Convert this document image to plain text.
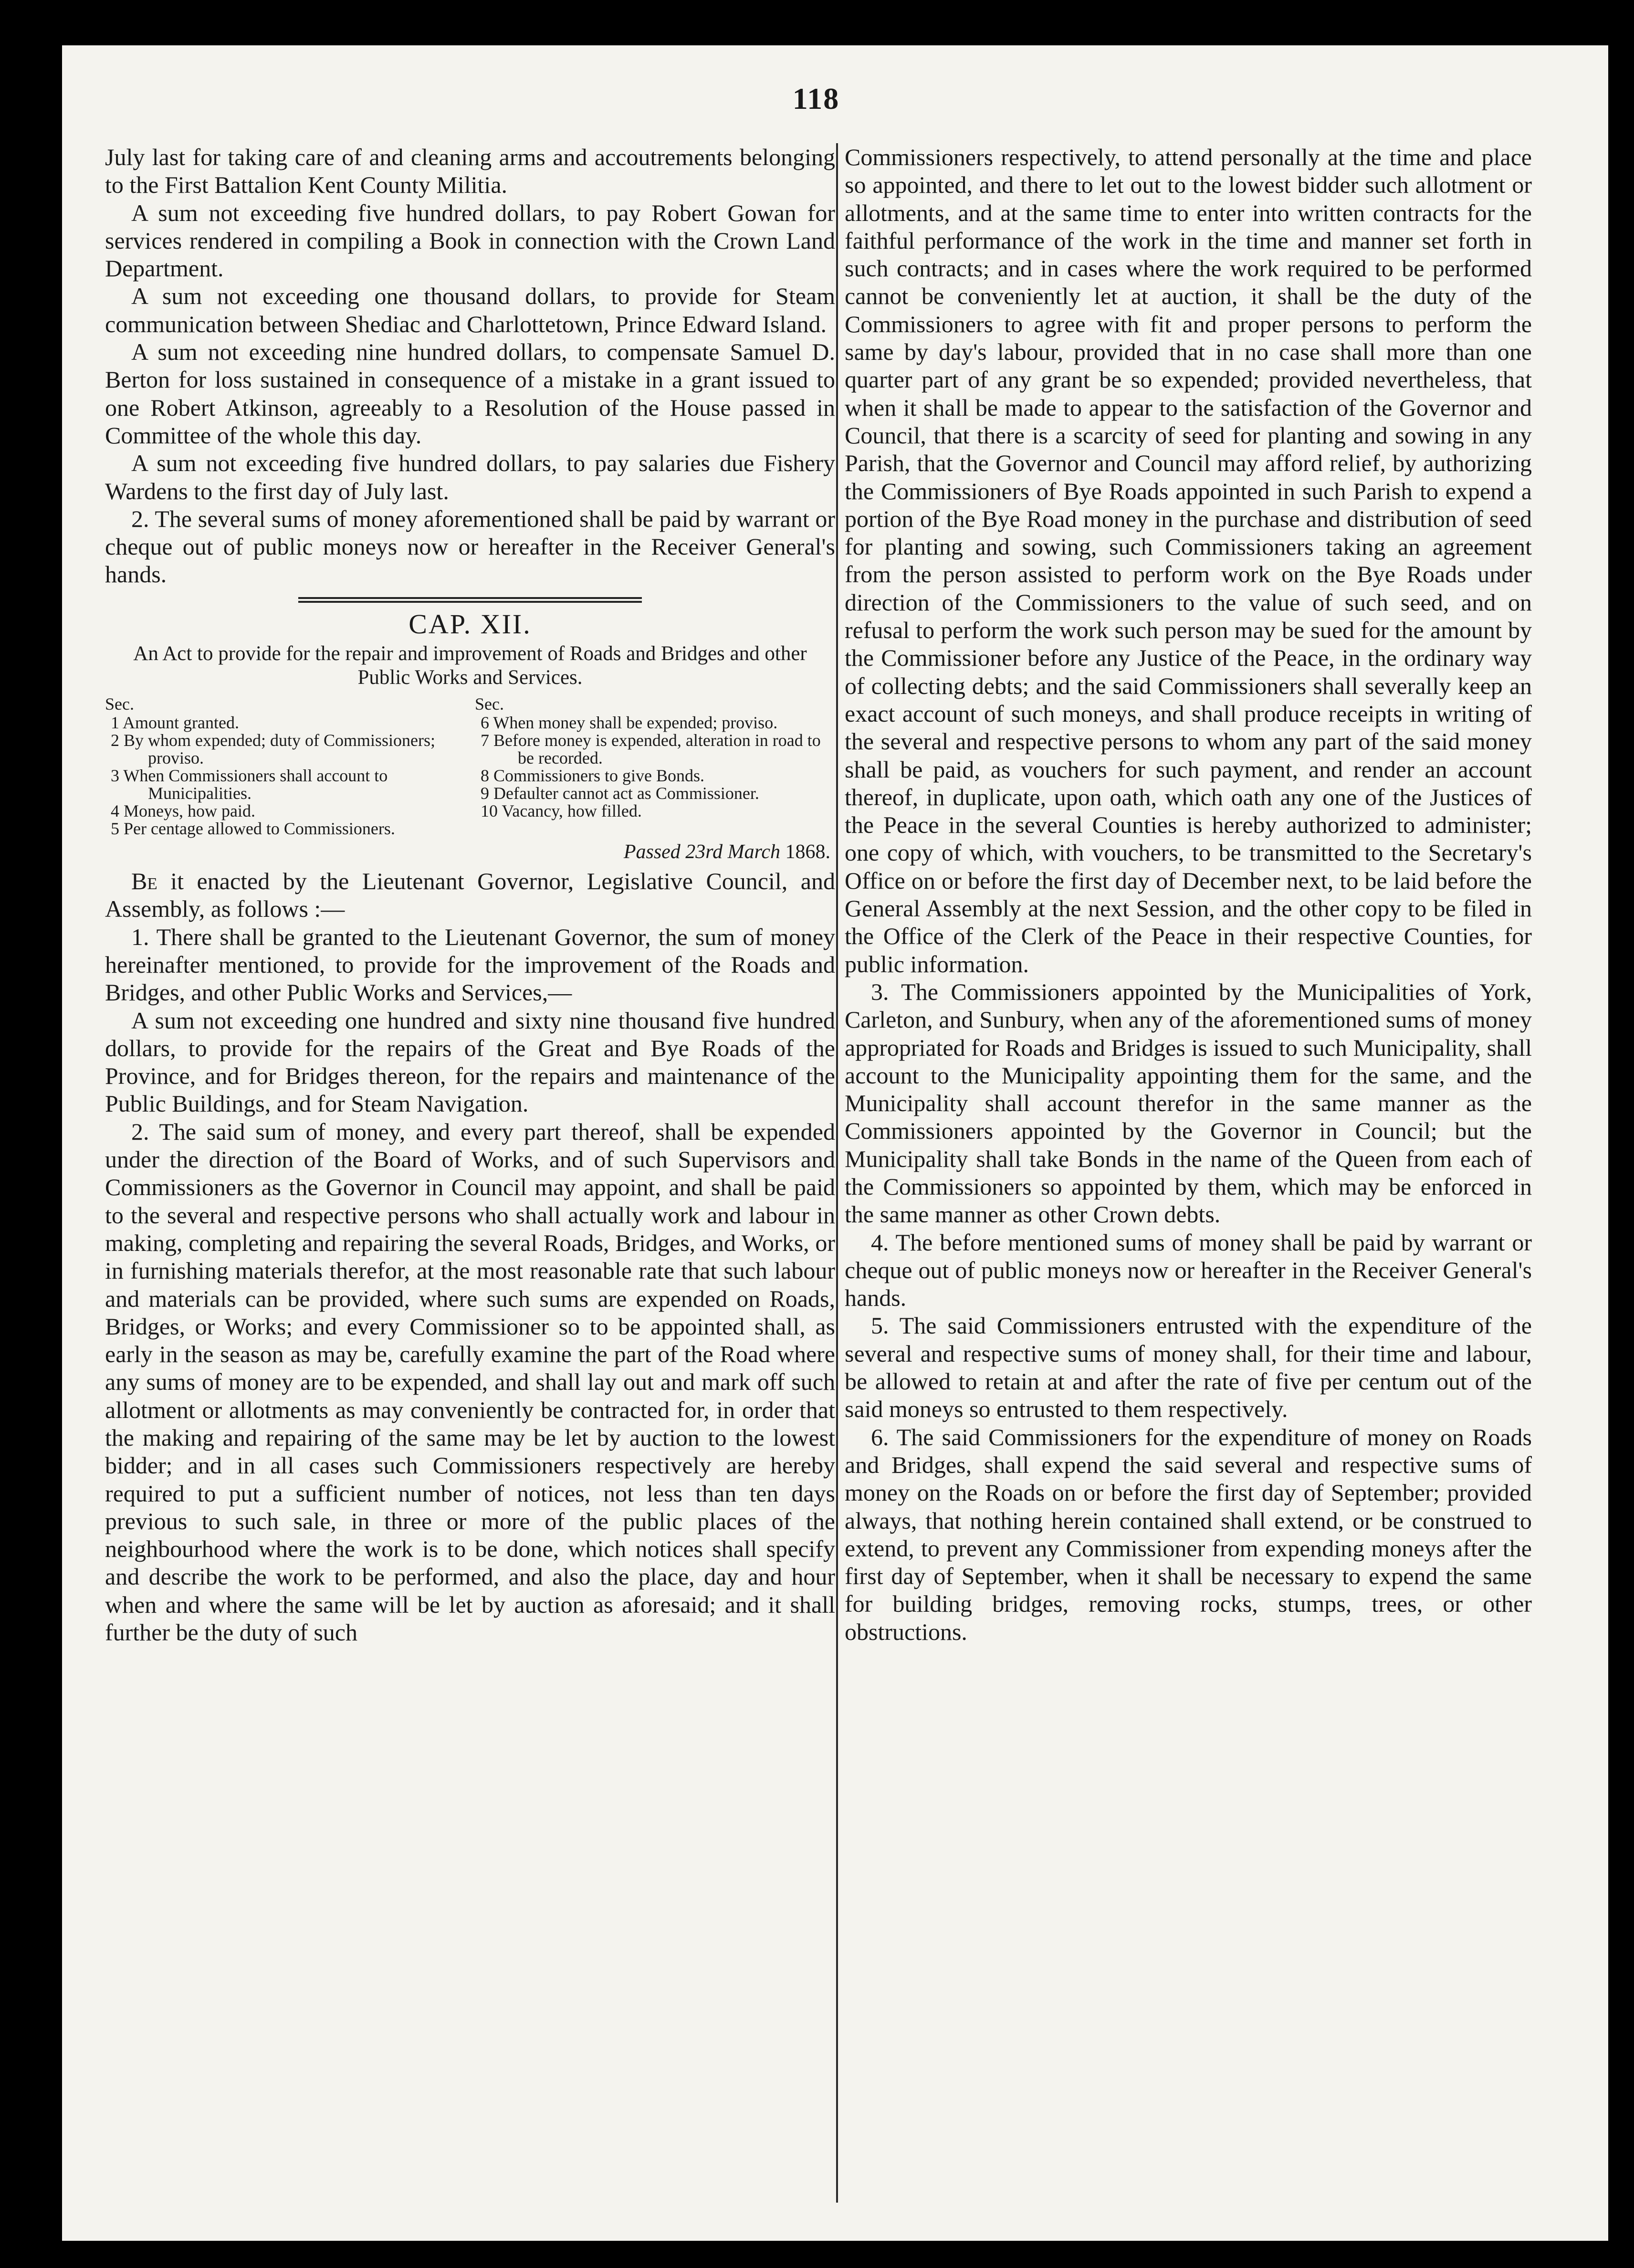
118

July last for taking care of and cleaning arms and accoutrements belonging to the First Battalion Kent County Militia.

A sum not exceeding five hundred dollars, to pay Robert Gowan for services rendered in compiling a Book in connection with the Crown Land Department.

A sum not exceeding one thousand dollars, to provide for Steam communication between Shediac and Charlottetown, Prince Edward Island.

A sum not exceeding nine hundred dollars, to compensate Samuel D. Berton for loss sustained in consequence of a mistake in a grant issued to one Robert Atkinson, agreeably to a Resolution of the House passed in Committee of the whole this day.

A sum not exceeding five hundred dollars, to pay salaries due Fishery Wardens to the first day of July last.

2. The several sums of money aforementioned shall be paid by warrant or cheque out of public moneys now or hereafter in the Receiver General's hands.

CAP. XII.
An Act to provide for the repair and improvement of Roads and Bridges and other Public Works and Services.
Sec.
1 Amount granted.
2 By whom expended; duty of Commissioners; proviso.
3 When Commissioners shall account to Municipalities.
4 Moneys, how paid.
5 Per centage allowed to Commissioners.
Sec.
6 When money shall be expended; proviso.
7 Before money is expended, alteration in road to be recorded.
8 Commissioners to give Bonds.
9 Defaulter cannot act as Commissioner.
10 Vacancy, how filled.
Passed 23rd March 1868.

Be it enacted by the Lieutenant Governor, Legislative Council, and Assembly, as follows :—

1. There shall be granted to the Lieutenant Governor, the sum of money hereinafter mentioned, to provide for the improvement of the Roads and Bridges, and other Public Works and Services,—

A sum not exceeding one hundred and sixty nine thousand five hundred dollars, to provide for the repairs of the Great and Bye Roads of the Province, and for Bridges thereon, for the repairs and maintenance of the Public Buildings, and for Steam Navigation.

2. The said sum of money, and every part thereof, shall be expended under the direction of the Board of Works, and of such Supervisors and Commissioners as the Governor in Council may appoint, and shall be paid to the several and respective persons who shall actually work and labour in making, completing and repairing the several Roads, Bridges, and Works, or in furnishing materials therefor, at the most reasonable rate that such labour and materials can be provided, where such sums are expended on Roads, Bridges, or Works; and every Commissioner so to be appointed shall, as early in the season as may be, carefully examine the part of the Road where any sums of money are to be expended, and shall lay out and mark off such allotment or allotments as may conveniently be contracted for, in order that the making and repairing of the same may be let by auction to the lowest bidder; and in all cases such Commissioners respectively are hereby required to put a sufficient number of notices, not less than ten days previous to such sale, in three or more of the public places of the neighbourhood where the work is to be done, which notices shall specify and describe the work to be performed, and also the place, day and hour when and where the same will be let by auction as aforesaid; and it shall further be the duty of such

Commissioners respectively, to attend personally at the time and place so appointed, and there to let out to the lowest bidder such allotment or allotments, and at the same time to enter into written contracts for the faithful performance of the work in the time and manner set forth in such contracts; and in cases where the work required to be performed cannot be conveniently let at auction, it shall be the duty of the Commissioners to agree with fit and proper persons to perform the same by day's labour, provided that in no case shall more than one quarter part of any grant be so expended; provided nevertheless, that when it shall be made to appear to the satisfaction of the Governor and Council, that there is a scarcity of seed for planting and sowing in any Parish, that the Governor and Council may afford relief, by authorizing the Commissioners of Bye Roads appointed in such Parish to expend a portion of the Bye Road money in the purchase and distribution of seed for planting and sowing, such Commissioners taking an agreement from the person assisted to perform work on the Bye Roads under direction of the Commissioners to the value of such seed, and on refusal to perform the work such person may be sued for the amount by the Commissioner before any Justice of the Peace, in the ordinary way of collecting debts; and the said Commissioners shall severally keep an exact account of such moneys, and shall produce receipts in writing of the several and respective persons to whom any part of the said money shall be paid, as vouchers for such payment, and render an account thereof, in duplicate, upon oath, which oath any one of the Justices of the Peace in the several Counties is hereby authorized to administer; one copy of which, with vouchers, to be transmitted to the Secretary's Office on or before the first day of December next, to be laid before the General Assembly at the next Session, and the other copy to be filed in the Office of the Clerk of the Peace in their respective Counties, for public information.

3. The Commissioners appointed by the Municipalities of York, Carleton, and Sunbury, when any of the aforementioned sums of money appropriated for Roads and Bridges is issued to such Municipality, shall account to the Municipality appointing them for the same, and the Municipality shall account therefor in the same manner as the Commissioners appointed by the Governor in Council; but the Municipality shall take Bonds in the name of the Queen from each of the Commissioners so appointed by them, which may be enforced in the same manner as other Crown debts.

4. The before mentioned sums of money shall be paid by warrant or cheque out of public moneys now or hereafter in the Receiver General's hands.

5. The said Commissioners entrusted with the expenditure of the several and respective sums of money shall, for their time and labour, be allowed to retain at and after the rate of five per centum out of the said moneys so entrusted to them respectively.

6. The said Commissioners for the expenditure of money on Roads and Bridges, shall expend the said several and respective sums of money on the Roads on or before the first day of September; provided always, that nothing herein contained shall extend, or be construed to extend, to prevent any Commissioner from expending moneys after the first day of September, when it shall be necessary to expend the same for building bridges, removing rocks, stumps, trees, or other obstructions.
